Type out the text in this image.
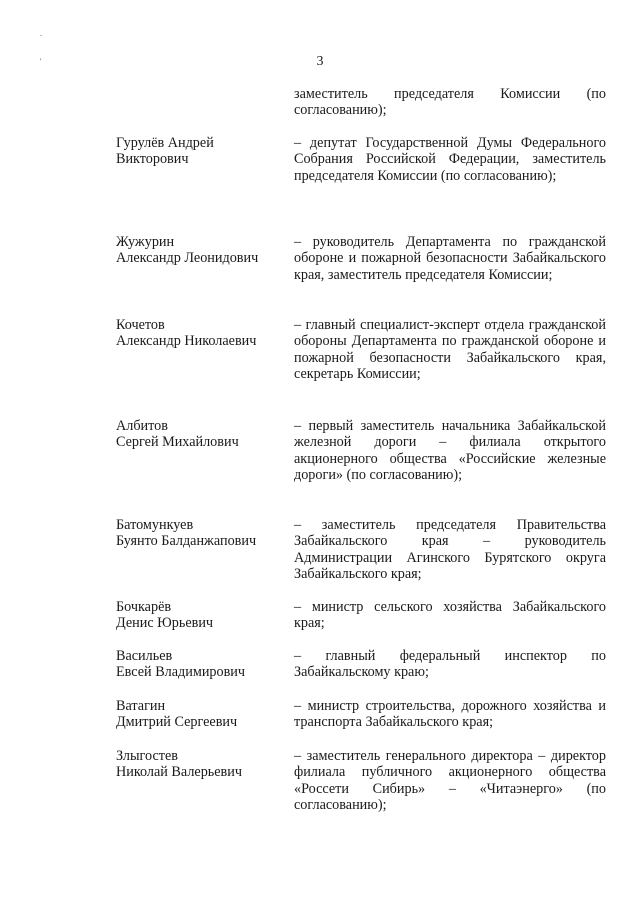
.
'	3
заместитель председателя Комиссии (по согласованию);
Гурулёв Андрей
Викторович
– депутат Государственной Думы Федерального Собрания Российской Федерации, заместитель председателя Комиссии (по согласованию);
Жужурин
Александр Леонидович
– руководитель Департамента по гражданской обороне и пожарной безопасности Забайкальского края, заместитель председателя Комиссии;
Кочетов
Александр Николаевич
– главный специалист-эксперт отдела гражданской обороны Департамента по гражданской обороне и пожарной безопасности Забайкальского края, секретарь Комиссии;
Албитов
Сергей Михайлович
– первый заместитель начальника Забайкальской железной дороги – филиала открытого акционерного общества «Российские железные дороги» (по согласованию);
Батомункуев
Буянто Балданжапович
– заместитель председателя Правительства Забайкальского края – руководитель Администрации Агинского Бурятского округа Забайкальского края;
Бочкарёв
Денис Юрьевич
– министр сельского хозяйства Забайкальского края;
Васильев
Евсей Владимирович
– главный федеральный инспектор по Забайкальскому краю;
Ватагин
Дмитрий Сергеевич
– министр строительства, дорожного хозяйства и транспорта Забайкальского края;
Злыгостев
Николай Валерьевич
– заместитель генерального директора – директор филиала публичного акционерного общества «Россети Сибирь» – «Читаэнерго» (по согласованию);
